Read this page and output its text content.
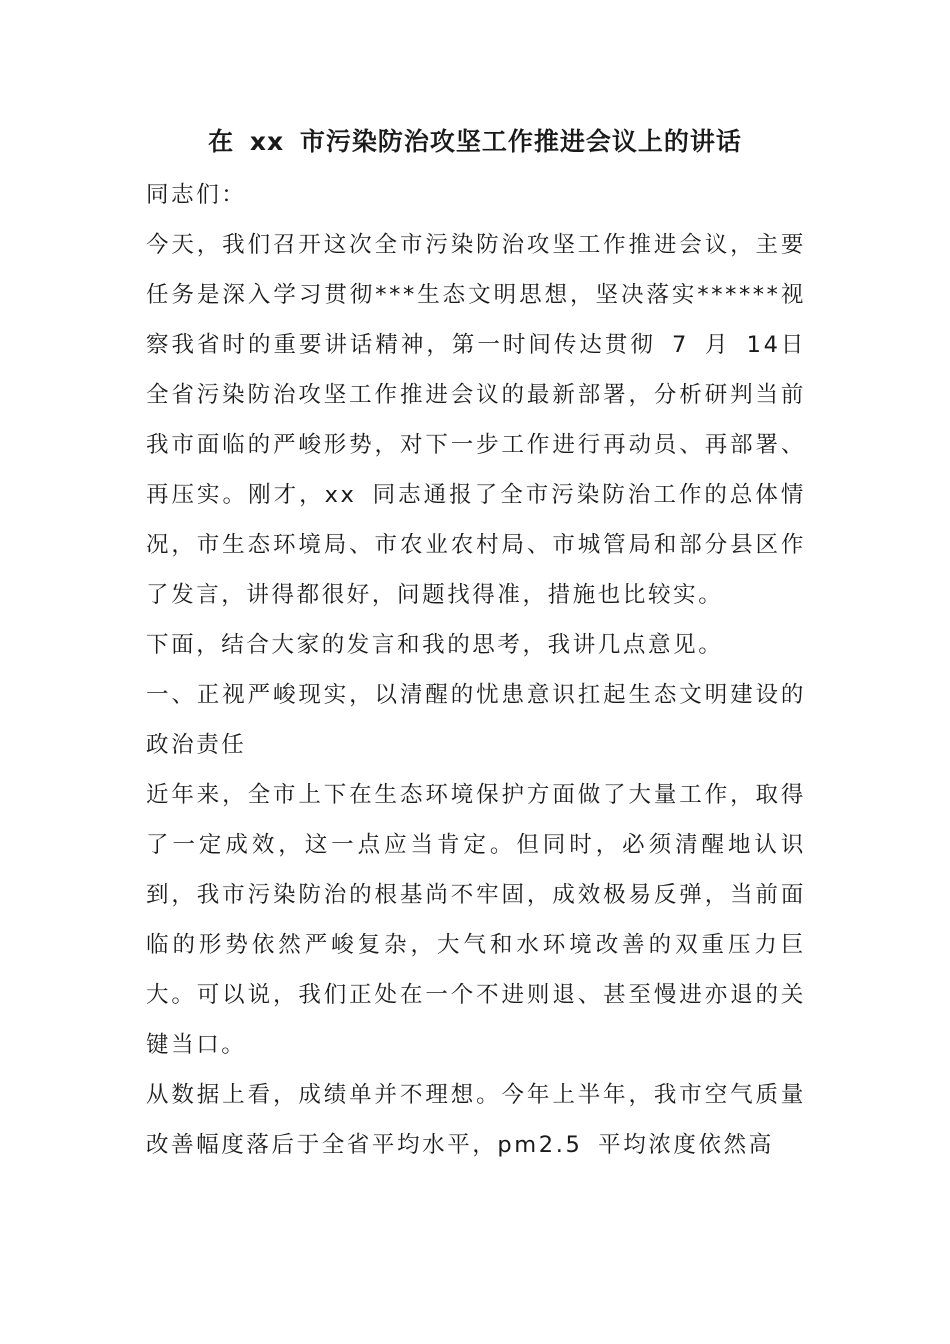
在 xx 市污染防治攻坚工作推进会议上的讲话

同志们：

今天，我们召开这次全市污染防治攻坚工作推进会议，主要任务是深入学习贯彻***生态文明思想，坚决落实******视察我省时的重要讲话精神，第一时间传达贯彻 7 月 14日全省污染防治攻坚工作推进会议的最新部署，分析研判当前我市面临的严峻形势，对下一步工作进行再动员、再部署、再压实。刚才，xx 同志通报了全市污染防治工作的总体情况，市生态环境局、市农业农村局、市城管局和部分县区作了发言，讲得都很好，问题找得准，措施也比较实。

下面，结合大家的发言和我的思考，我讲几点意见。

一、正视严峻现实，以清醒的忧患意识扛起生态文明建设的政治责任

近年来，全市上下在生态环境保护方面做了大量工作，取得了一定成效，这一点应当肯定。但同时，必须清醒地认识到，我市污染防治的根基尚不牢固，成效极易反弹，当前面临的形势依然严峻复杂，大气和水环境改善的双重压力巨大。可以说，我们正处在一个不进则退、甚至慢进亦退的关键当口。

从数据上看，成绩单并不理想。今年上半年，我市空气质量改善幅度落后于全省平均水平，pm2.5 平均浓度依然高
